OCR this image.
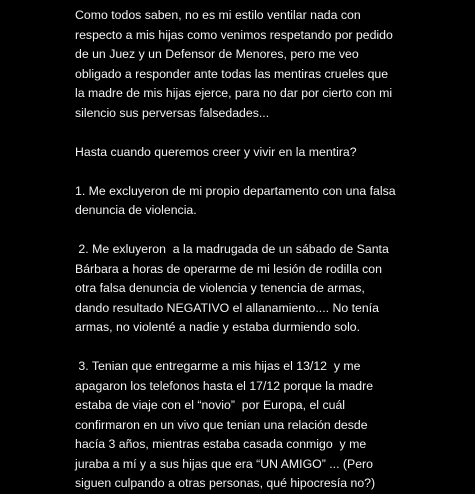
Como todos saben, no es mi estilo ventilar nada con
respecto a mis hijas como venimos respetando por pedido
de un Juez y un Defensor de Menores, pero me veo
obligado a responder ante todas las mentiras crueles que
la madre de mis hijas ejerce, para no dar por cierto con mi
silencio sus perversas falsedades...

Hasta cuando queremos creer y vivir en la mentira?

1. Me excluyeron de mi propio departamento con una falsa
denuncia de violencia.

2. Me exluyeron  a la madrugada de un sábado de Santa
Bárbara a horas de operarme de mi lesión de rodilla con
otra falsa denuncia de violencia y tenencia de armas,
dando resultado NEGATIVO el allanamiento.... No tenía
armas, no violenté a nadie y estaba durmiendo solo.

3. Tenian que entregarme a mis hijas el 13/12  y me
apagaron los telefonos hasta el 17/12 porque la madre
estaba de viaje con el “novio”  por Europa, el cuál
confirmaron en un vivo que tenian una relación desde
hacía 3 años, mientras estaba casada conmigo  y me
juraba a mí y a sus hijas que era “UN AMIGO” ... (Pero
siguen culpando a otras personas, qué hipocresía no?)
